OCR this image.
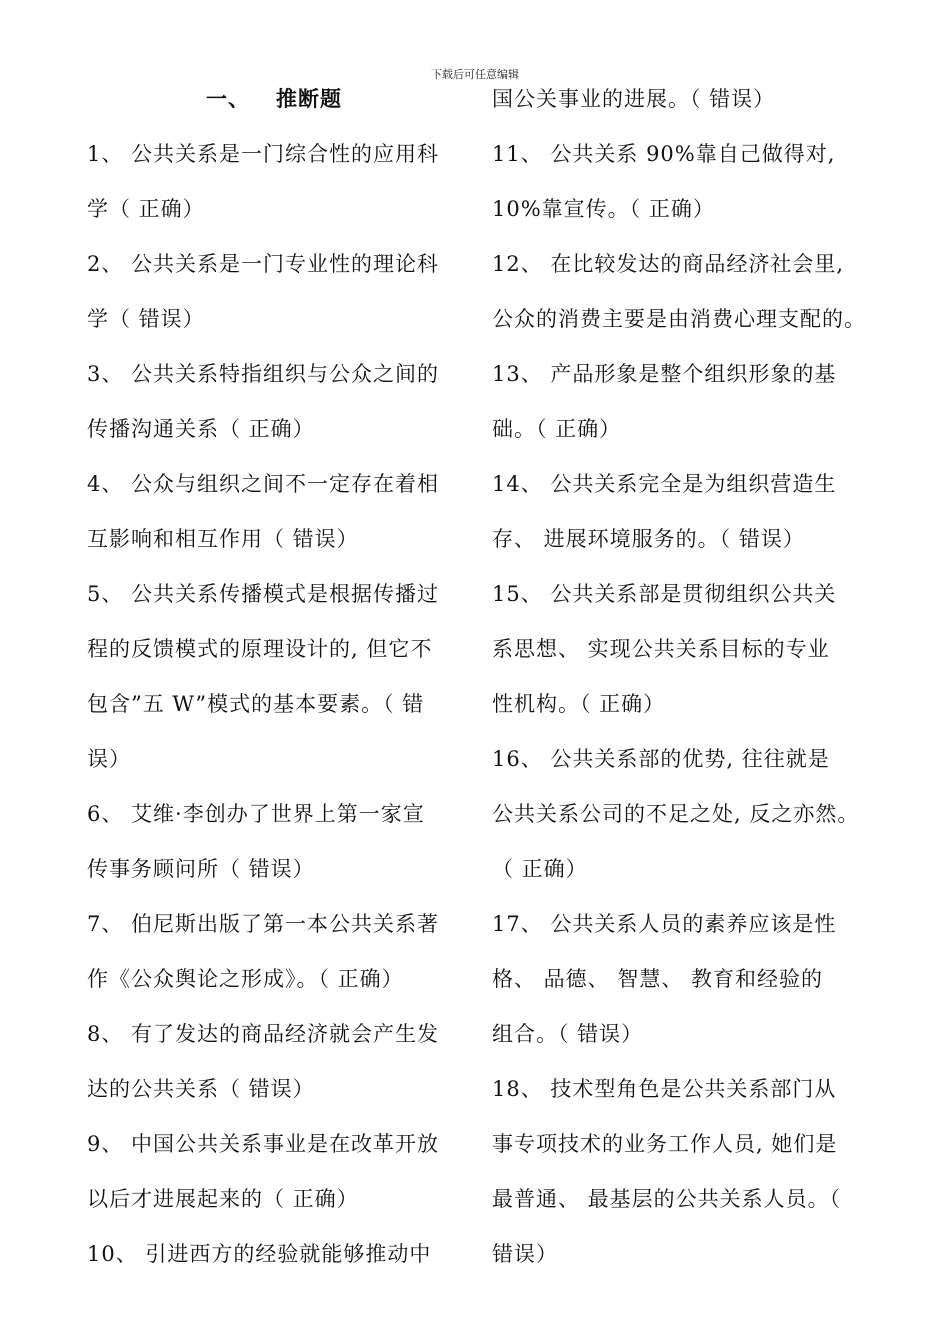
下载后可任意编辑
一、 推断题
1、 公共关系是一门综合性的应用科
学（ 正确）
2、 公共关系是一门专业性的理论科
学（ 错误）
3、 公共关系特指组织与公众之间的
传播沟通关系（ 正确）
4、 公众与组织之间不一定存在着相
互影响和相互作用（ 错误）
5、 公共关系传播模式是根据传播过
程的反馈模式的原理设计的, 但它不
包含”五 W”模式的基本要素。（ 错
误）
6、 艾维·李创办了世界上第一家宣
传事务顾问所（ 错误）
7、 伯尼斯出版了第一本公共关系著
作《公众舆论之形成》。（ 正确）
8、 有了发达的商品经济就会产生发
达的公共关系（ 错误）
9、 中国公共关系事业是在改革开放
以后才进展起来的（ 正确）
10、 引进西方的经验就能够推动中
国公关事业的进展。（ 错误）
11、 公共关系 90%靠自己做得对,
10%靠宣传。（ 正确）
12、 在比较发达的商品经济社会里,
公众的消费主要是由消费心理支配的。
13、 产品形象是整个组织形象的基
础。（ 正确）
14、 公共关系完全是为组织营造生
存、 进展环境服务的。（ 错误）
15、 公共关系部是贯彻组织公共关
系思想、 实现公共关系目标的专业
性机构。（ 正确）
16、 公共关系部的优势, 往往就是
公共关系公司的不足之处, 反之亦然。
（ 正确）
17、 公共关系人员的素养应该是性
格、 品德、 智慧、 教育和经验的
组合。（ 错误）
18、 技术型角色是公共关系部门从
事专项技术的业务工作人员, 她们是
最普通、 最基层的公共关系人员。（
错误）
